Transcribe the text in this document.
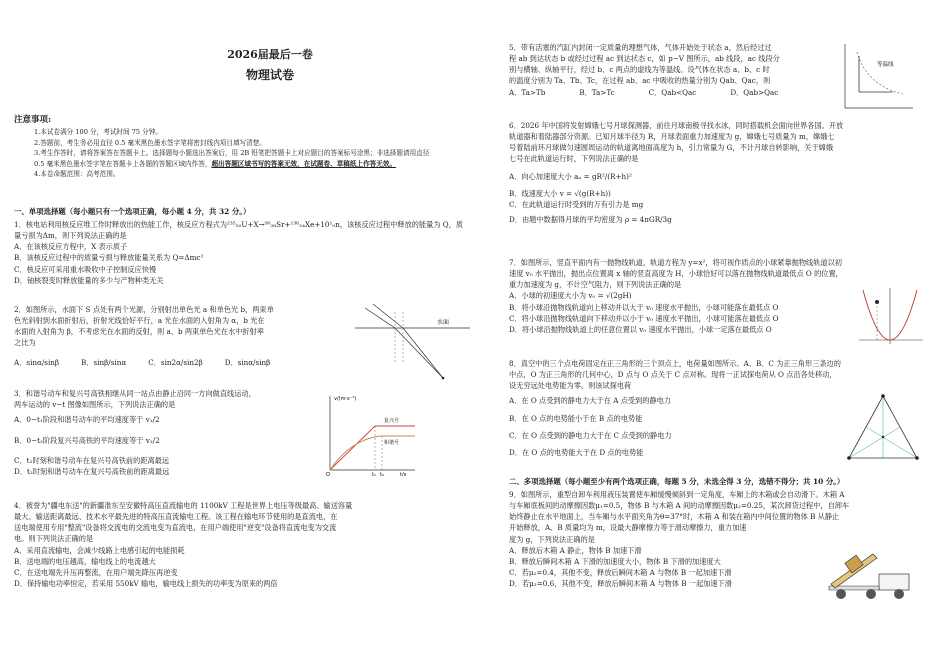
2026届最后一卷
物理试卷
注意事项:
1.本试卷满分 100 分，考试时间 75 分钟。
2.答题前，考生务必用直径 0.5 毫米黑色墨水签字笔将密封线内项目填写清楚。
3.考生作答时，请将答案答在答题卡上。选择题每小题选出答案后，用 2B 铅笔把答题卡上对应题目的答案标号涂黑；非选择题请用直径 0.5 毫米黑色墨水签字笔在答题卡上各题的答题区域内作答，超出答题区域书写的答案无效，在试题卷、草稿纸上作答无效。
4.本卷命题范围：高考范围。
一、单项选择题（每小题只有一个选项正确，每小题 4 分，共 32 分。）

1．核电站利用核反应堆工作时释放出的热能工作，核反应方程式为²³⁵₉₂U+X→⁹⁰₃₈Sr+¹³⁶₅₄Xe+10¹₀n，该核反应过程中释放的能量为 Q，质量亏损为Δm，则下列说法正确的是

A．在该核反应方程中，X 表示质子

B．该核反应过程中的质量亏损与释放能量关系为 Q=Δmc²

C．核反应可采用重水吸收中子控制反应快慢

D．铀核裂变时释放能量的多少与产物种类无关

2．如图所示，水面下 S 点处有两个光源，分别射出单色光 a 和单色光 b，两束单

色光斜射到水面折射后，折射光线恰好平行，a 光在水面的入射角为 α，b 光在

水面的入射角为 β，不考虑光在水面的反射，则 a、b 两束单色光在水中折射率

之比为

A．sinα/sinβ	B．sinβ/sinα	C．sin2α/sin2β	D．sinα/sinβ
水面

3．和谐号动车和复兴号高铁相继从同一站点由静止沿同一方向做直线运动，

两车运动的 v−t 图像如图所示，下列说法正确的是

A．0−t₁阶段和谐号动车的平均速度等于 v₁/2

B．0−t₂阶段复兴号高铁的平均速度等于 v₂/2

C．t₁时刻和谐号动车在复兴号高铁前的距离最远

D．t₂时刻和谐号动车在复兴号高铁前的距离最远

v/(m·s⁻¹)
O	t/s
复兴号
和谐号
t₁ t₂

4．被誉为"疆电东送"的新疆准东至安徽特高压直流输电的 1100kV 工程是世界上电压等级最高、输送容量

最大、输送距离最远、技术水平最先进的特高压直流输电工程。该工程在输电环节使用的是直流电，在

送电端使用专用"整流"设备将交流电的交流电变为直流电，在用户端使用"逆变"设备将直流电变为交流

电。则下列说法正确的是

A．采用直流输电，会减少线路上电感引起的电能损耗

B．送电端的电压越高，输电线上的电流越大

C．在送电端先升压再整流，在用户端先降压再逆变

D．保持输电功率恒定，若采用 550kV 输电，输电线上损失的功率变为原来的两倍

5．带有活塞的汽缸内封闭一定质量的理想气体，气体开始处于状态 a，然后经过过

程 ab 到达状态 b 或经过过程 ac 到达状态 c，如 p−V 图所示，ab 线段，ac 线段分

别与横轴、纵轴平行，经过 b、c 两点的虚线为等温线。设气体在状态 a、b、c 时

的温度分别为 Ta、Tb、Tc，在过程 ab、ac 中吸收的热量分别为 Qab、Qac，则

A．Ta>Tb	B．Ta>Tc	C．Qab<Qac	D．Qab>Qac
等温线

6．2026 年中国将发射嫦娥七号月球探测器，前往月球南极寻找水冰，同时搭载机会面向世界各国。开放

轨道器和着陆器部分资源。已知月球半径为 R，月球表面重力加速度为 g，嫦娥七号质量为 m，嫦娥七

号着陆前环月球做匀速圆周运动的轨道离地面高度为 h，引力常量为 G，不计月球自转影响，关于嫦娥

七号在此轨道运行时，下列说法正确的是

A．向心加速度大小 aₙ = gR²/(R+h)²

B．线速度大小 v = √(g(R+h))

C．在此轨道运行时受到的万有引力是 mg

D．由题中数据得月球的平均密度为 ρ = 4πGR/3g

7．如图所示，竖直平面内有一抛物线轨道，轨道方程为 y=x²，将可视作质点的小球紧靠抛物线轨道以初

速度 v₀ 水平抛出，抛出点位置离 x 轴的竖直高度为 H，小球恰好可以落在抛物线轨道最低点 O 的位置，

重力加速度为 g，不计空气阻力，则下列说法正确的是

A．小球的初速度大小为 v₀ = √(2gH)

B．将小球沿抛物线轨道向上移动并以大于 v₀ 速度水平抛出，小球可能落在最低点 O

C．将小球沿抛物线轨道向下移动并以小于 v₀ 速度水平抛出，小球可能落在最低点 O

D．将小球沿抛物线轨道上的任意位置以 v₀ 速度水平抛出，小球一定落在最低点 O

8．真空中的三个点电荷固定在正三角形的三个顶点上，电荷量如图所示。A、B、C 为正三角形三条边的

中点，O 为正三角形的几何中心，D 点与 O 点关于 C 点对称。现将一正试探电荷从 O 点沿各处移动，

设无穷远处电势能为零。则该试探电荷

A．在 O 点受到的静电力大于在 A 点受到的静电力

B．在 O 点的电势能小于在 B 点的电势能

C．在 O 点受到的静电力大于在 C 点受到的静电力

D．在 O 点的电势能大于在 D 点的电势能

二、多项选择题（每小题至少有两个选项正确，每题 5 分，未选全得 3 分，选错不得分；共 10 分。）

9．如图所示，重型自卸车利用液压装置使车厢缓慢倾斜到一定角度，车厢上的木箱或会自动滑下。木箱 A

与车厢底板间的动摩擦因数μ₁=0.5，物体 B 与木箱 A 间的动摩擦因数μ₂=0.25，某次卸货过程中，自卸车

始终静止在水平地面上，当车厢与水平面夹角为θ=37°时，木箱 A 和装在箱内中间位置的物体 B 从静止

开始释放，A、B 质量均为 m，设最大静摩擦力等于滑动摩擦力，重力加速

度为 g，下列说法正确的是

A．释放后木箱 A 静止，物体 B 加速下滑

B．释放后瞬间木箱 A 下滑的加速度大小，物体 B 下滑的加速度大

C．若μ₂=0.4，其他不变，释放后瞬间木箱 A 与物体 B 一起加速下滑

D．若μ₂=0.6，其他不变，释放后瞬间木箱 A 与物体 B 一起加速下滑
